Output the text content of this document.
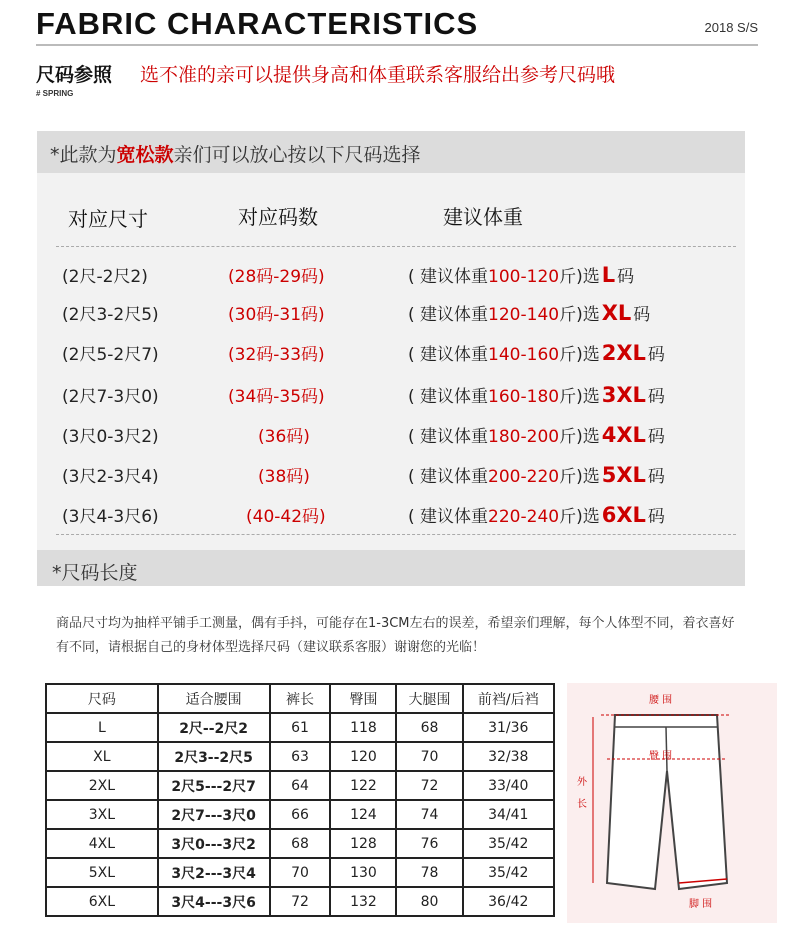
FABRIC CHARACTERISTICS	2018 S/S
尺码参照 选不准的亲可以提供身高和体重联系客服给出参考尺码哦
# SPRING
*此款为宽松款亲们可以放心按以下尺码选择
对应尺寸	对应码数	建议体重
(2尺-2尺2)	(28码-29码)	( 建议体重100-120斤)选L 码
(2尺3-2尺5)	(30码-31码)	( 建议体重120-140斤)选XL 码
(2尺5-2尺7)	(32码-33码)	( 建议体重140-160斤)选2XL 码
(2尺7-3尺0)	(34码-35码)	( 建议体重160-180斤)选3XL 码
(3尺0-3尺2)	(36码)	( 建议体重180-200斤)选4XL 码
(3尺2-3尺4)	(38码)	( 建议体重200-220斤)选5XL 码
(3尺4-3尺6)	(40-42码)	( 建议体重220-240斤)选6XL 码
*尺码长度
商品尺寸均为抽样平铺手工测量，偶有手抖，可能存在1-3CM左右的误差，希望亲们理解，每个人体型不同，着衣喜好有不同，请根据自己的身材体型选择尺码（建议联系客服）谢谢您的光临！
尺码	适合腰围	裤长	臀围	大腿围	前裆/后裆
L	2尺--2尺2	61	118	68	31/36
XL	2尺3--2尺5	63	120	70	32/38
2XL	2尺5---2尺7	64	122	72	33/40
3XL	2尺7---3尺0	66	124	74	34/41
4XL	3尺0---3尺2	68	128	76	35/42
5XL	3尺2---3尺4	70	130	78	35/42
6XL	3尺4---3尺6	72	132	80	36/42
腰 围
臀 围
外
长
脚 围
